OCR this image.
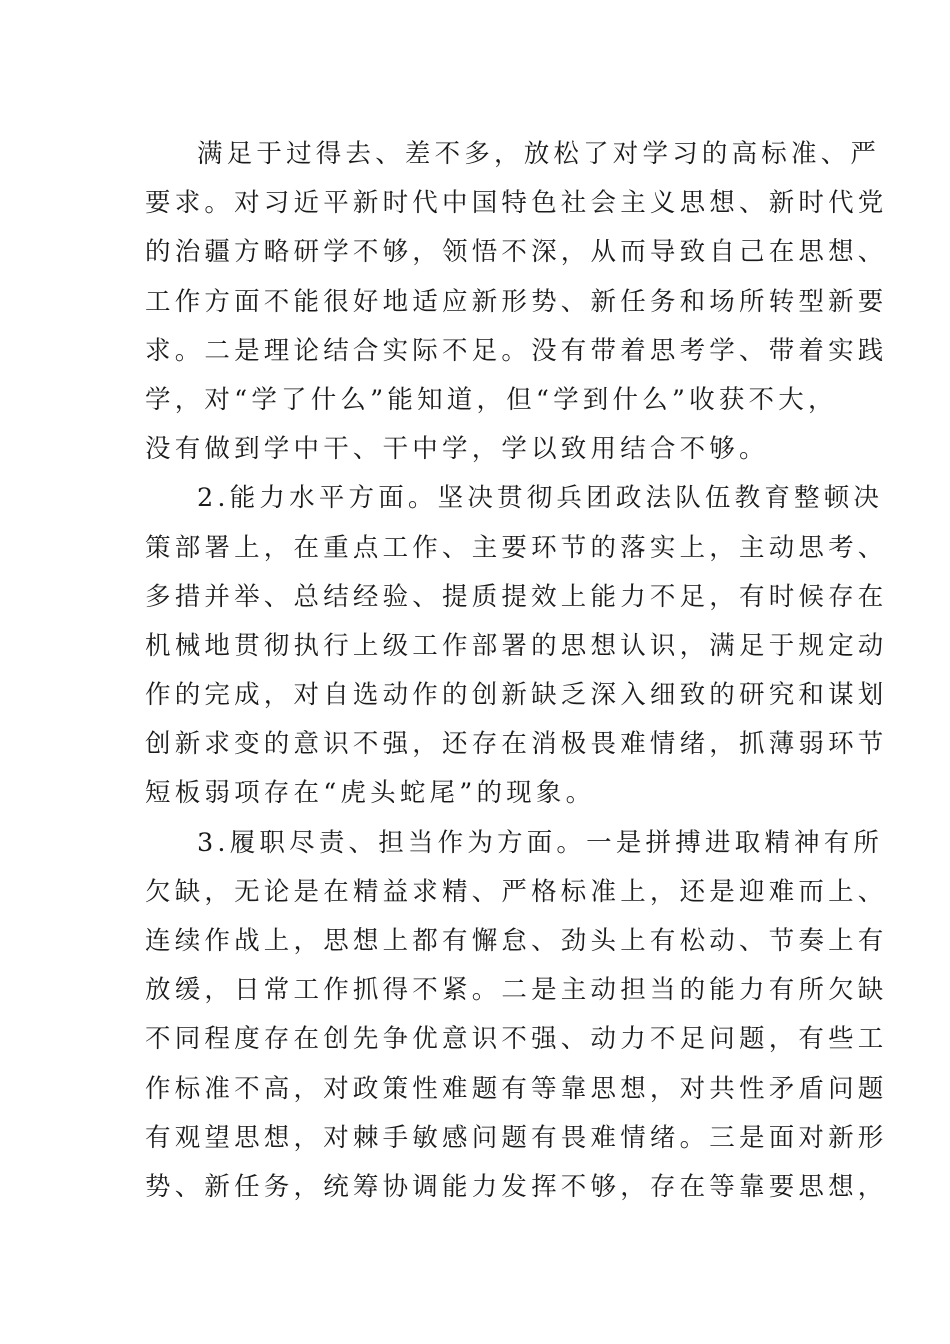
满足于过得去、差不多，放松了对学习的高标准、严
要求。对习近平新时代中国特色社会主义思想、新时代党
的治疆方略研学不够，领悟不深，从而导致自己在思想、
工作方面不能很好地适应新形势、新任务和场所转型新要
求。二是理论结合实际不足。没有带着思考学、带着实践
学，对“学了什么”能知道，但“学到什么”收获不大，
没有做到学中干、干中学，学以致用结合不够。
2.能力水平方面。坚决贯彻兵团政法队伍教育整顿决
策部署上，在重点工作、主要环节的落实上，主动思考、
多措并举、总结经验、提质提效上能力不足，有时候存在
机械地贯彻执行上级工作部署的思想认识，满足于规定动
作的完成，对自选动作的创新缺乏深入细致的研究和谋划
创新求变的意识不强，还存在消极畏难情绪，抓薄弱环节
短板弱项存在“虎头蛇尾”的现象。
3.履职尽责、担当作为方面。一是拼搏进取精神有所
欠缺，无论是在精益求精、严格标准上，还是迎难而上、
连续作战上，思想上都有懈怠、劲头上有松动、节奏上有
放缓，日常工作抓得不紧。二是主动担当的能力有所欠缺
不同程度存在创先争优意识不强、动力不足问题，有些工
作标准不高，对政策性难题有等靠思想，对共性矛盾问题
有观望思想，对棘手敏感问题有畏难情绪。三是面对新形
势、新任务，统筹协调能力发挥不够，存在等靠要思想，
